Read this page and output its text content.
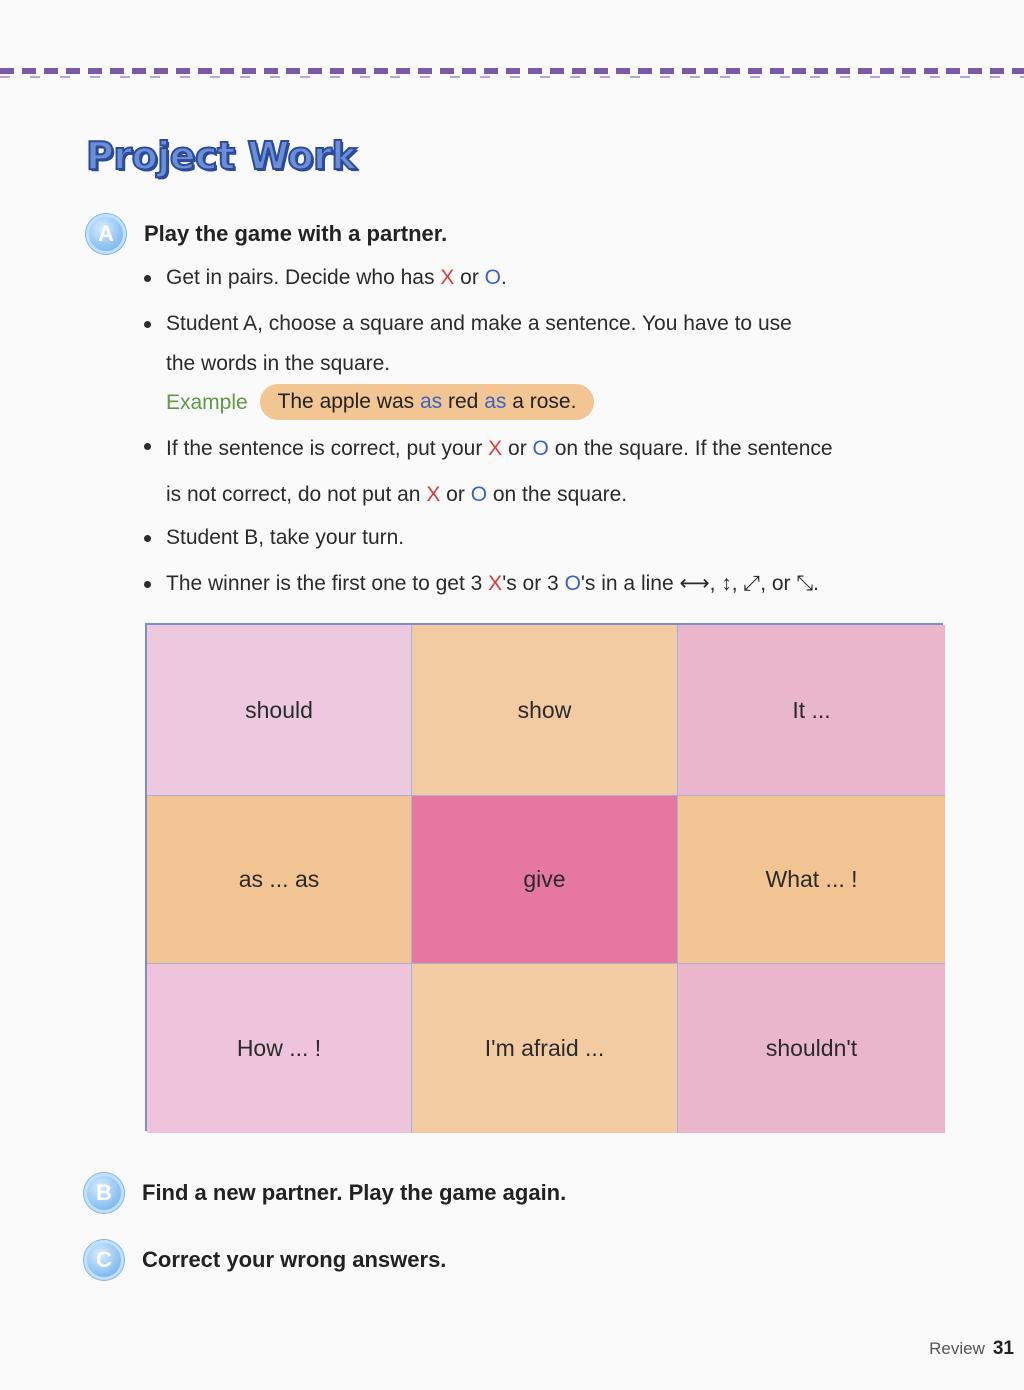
Project Work
A	Play the game with a partner.
Get in pairs. Decide who has X or O.
Student A, choose a square and make a sentence. You have to use
the words in the square.
Example The apple was as red as a rose.
If the sentence is correct, put your X or O on the square. If the sentence
is not correct, do not put an X or O on the square.
Student B, take your turn.
The winner is the first one to get 3 X's or 3 O's in a line ⟷, ↕, ⤢, or ⤡.
should	show	It ...
as ... as	give	What ... !
How ... !	I'm afraid ...	shouldn't
B	Find a new partner. Play the game again.
C	Correct your wrong answers.
Review 31
